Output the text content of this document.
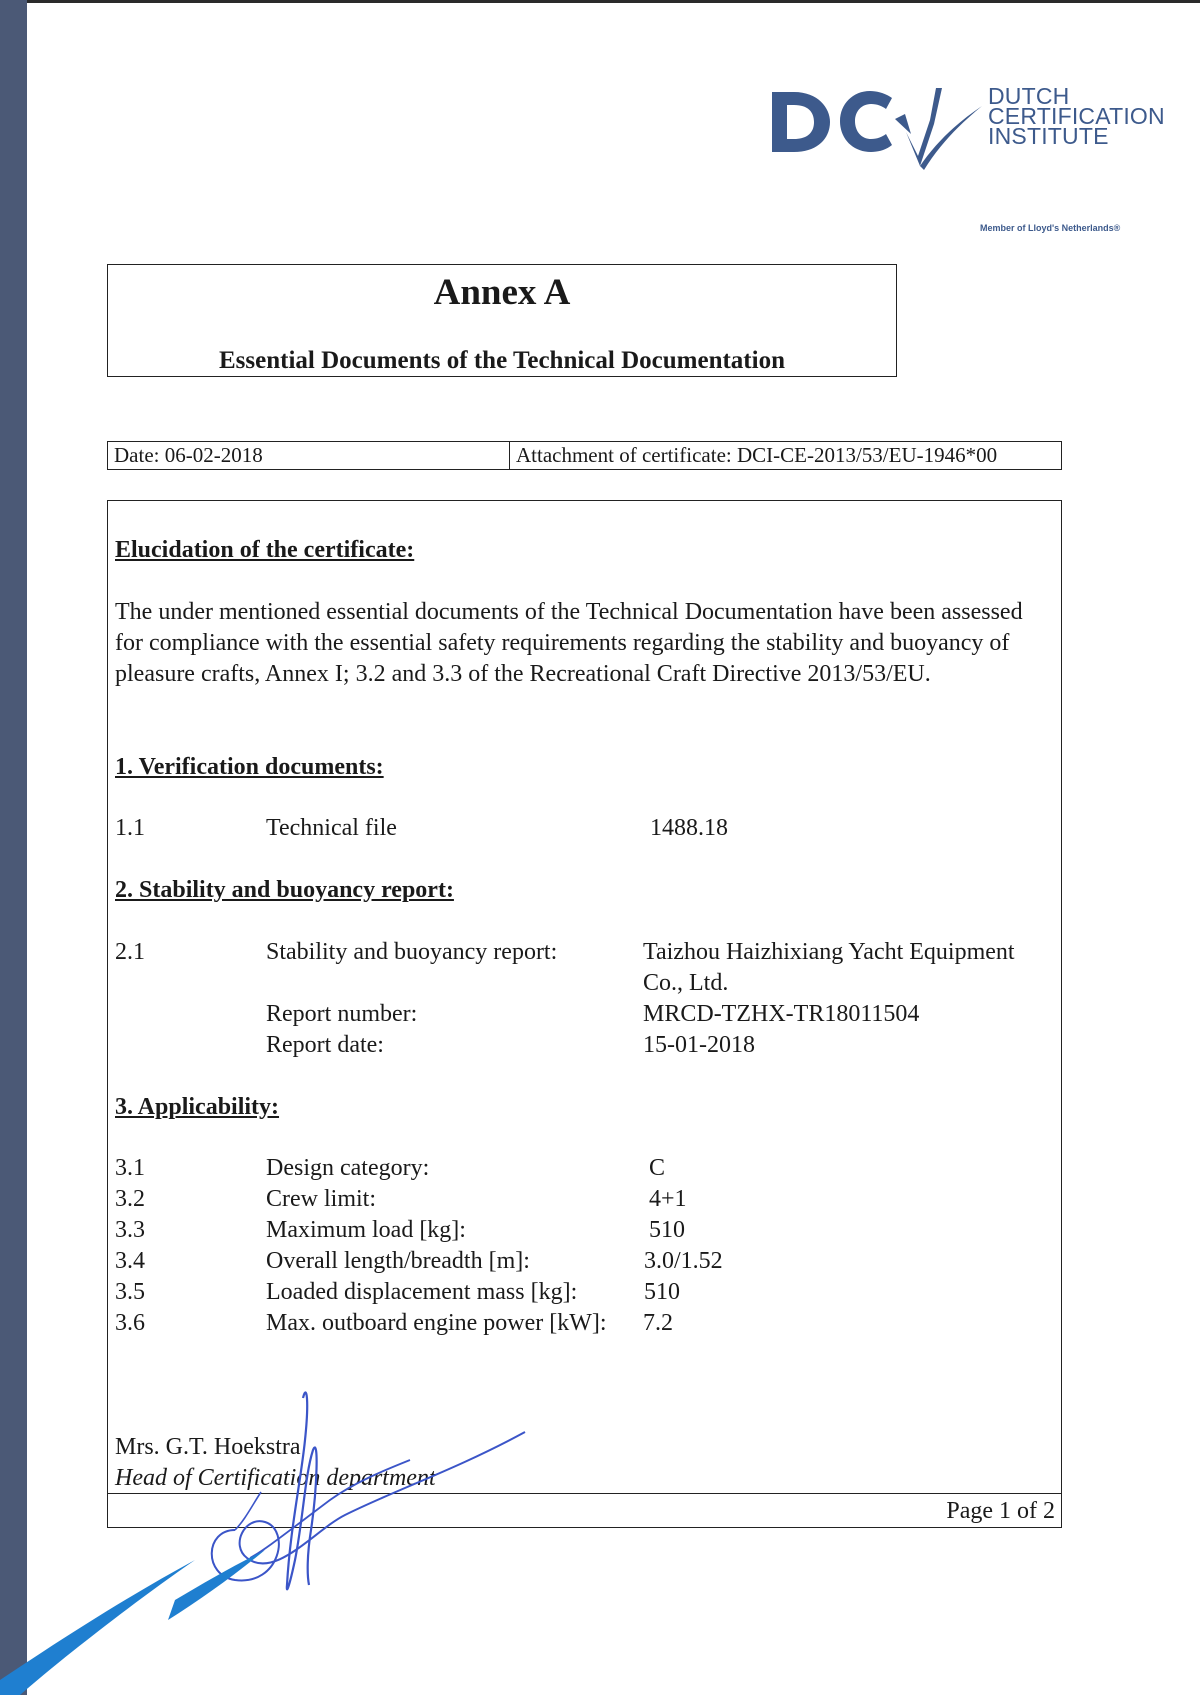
DUTCH
CERTIFICATION
INSTITUTE
Member of Lloyd's Netherlands®
Annex A
Essential Documents of the Technical Documentation
Date: 06-02-2018	Attachment of certificate: DCI-CE-2013/53/EU-1946*00
Elucidation of the certificate:
The under mentioned essential documents of the Technical Documentation have been assessed for compliance with the essential safety requirements regarding the stability and buoyancy of pleasure crafts, Annex I; 3.2 and 3.3 of the Recreational Craft Directive 2013/53/EU.
1. Verification documents:
1.1	Technical file	1488.18
2. Stability and buoyancy report:
2.1	Stability and buoyancy report:	Taizhou Haizhixiang Yacht Equipment
Co., Ltd.
Report number:	MRCD-TZHX-TR18011504
Report date:	15-01-2018
3. Applicability:
3.1	Design category:	C
3.2	Crew limit:	4+1
3.3	Maximum load [kg]:	510
3.4	Overall length/breadth [m]:	3.0/1.52
3.5	Loaded displacement mass [kg]:	510
3.6	Max. outboard engine power [kW]: 7.2
Mrs. G.T. Hoekstra
Head of Certification department
Page 1 of 2
